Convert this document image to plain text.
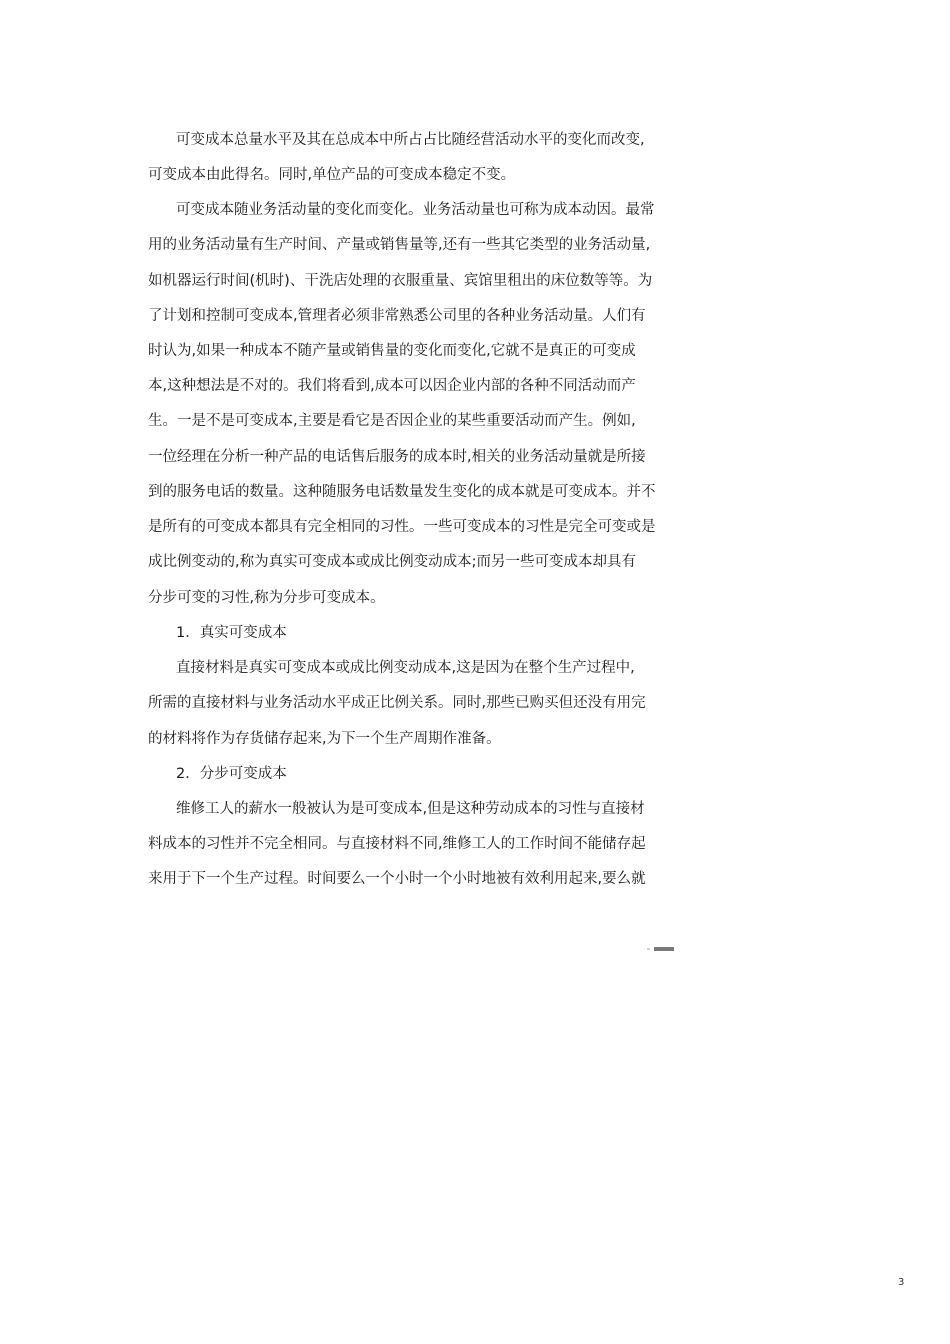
可变成本总量水平及其在总成本中所占占比随经营活动水平的变化而改变,
可变成本由此得名。同时,单位产品的可变成本稳定不变。
可变成本随业务活动量的变化而变化。业务活动量也可称为成本动因。最常
用的业务活动量有生产时间、产量或销售量等,还有一些其它类型的业务活动量,
如机器运行时间(机时)、干洗店处理的衣服重量、宾馆里租出的床位数等等。为
了计划和控制可变成本,管理者必须非常熟悉公司里的各种业务活动量。人们有
时认为,如果一种成本不随产量或销售量的变化而变化,它就不是真正的可变成
本,这种想法是不对的。我们将看到,成本可以因企业内部的各种不同活动而产
生。一是不是可变成本,主要是看它是否因企业的某些重要活动而产生。例如,
一位经理在分析一种产品的电话售后服务的成本时,相关的业务活动量就是所接
到的服务电话的数量。这种随服务电话数量发生变化的成本就是可变成本。并不
是所有的可变成本都具有完全相同的习性。一些可变成本的习性是完全可变或是
成比例变动的,称为真实可变成本或成比例变动成本;而另一些可变成本却具有
分步可变的习性,称为分步可变成本。
1．真实可变成本
直接材料是真实可变成本或成比例变动成本,这是因为在整个生产过程中,
所需的直接材料与业务活动水平成正比例关系。同时,那些已购买但还没有用完
的材料将作为存货储存起来,为下一个生产周期作准备。
2．分步可变成本
维修工人的薪水一般被认为是可变成本,但是这种劳动成本的习性与直接材
料成本的习性并不完全相同。与直接材料不同,维修工人的工作时间不能储存起
来用于下一个生产过程。时间要么一个小时一个小时地被有效利用起来,要么就
3
